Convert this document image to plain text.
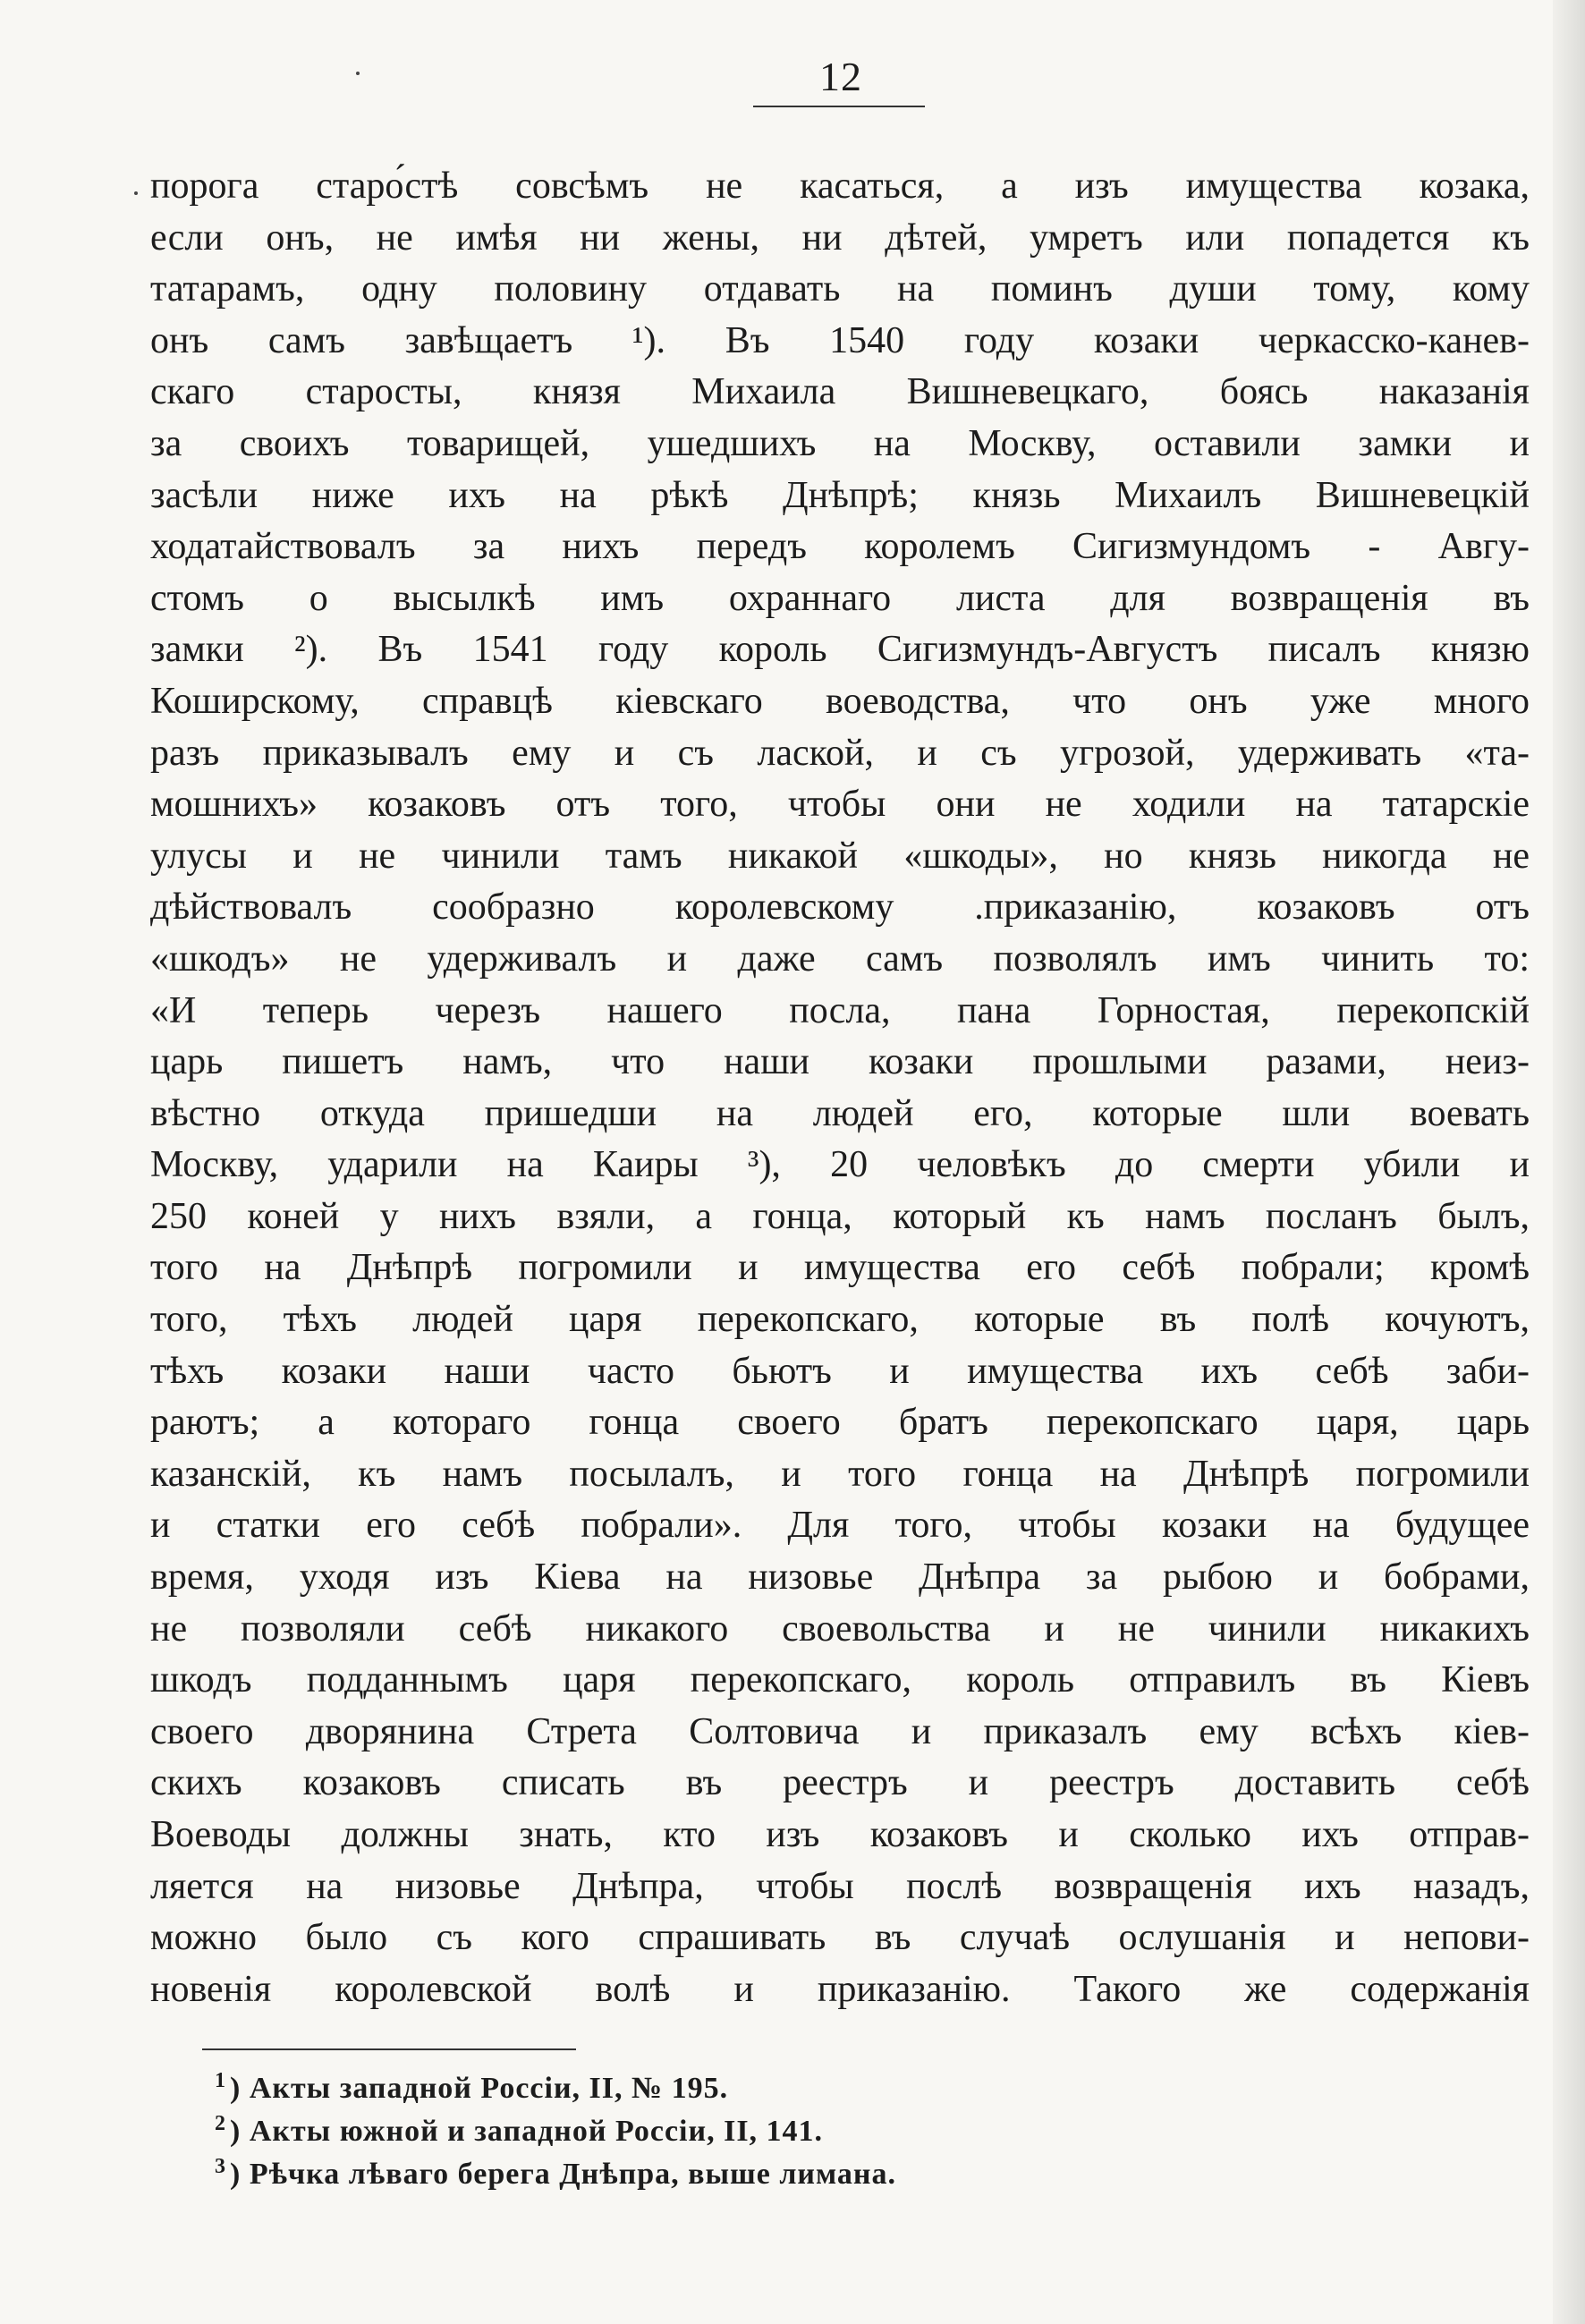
12
порога старо́стѣ совсѣмъ не касаться, а изъ имущества козака,
если онъ, не имѣя ни жены, ни дѣтей, умретъ или попадется къ
татарамъ, одну половину отдавать на поминъ души тому, кому
онъ самъ завѣщаетъ ¹). Въ 1540 году козаки черкасско-канев-
скаго старосты, князя Михаила Вишневецкаго, боясь наказанія
за своихъ товарищей, ушедшихъ на Москву, оставили замки и
засѣли ниже ихъ на рѣкѣ Днѣпрѣ; князь Михаилъ Вишневецкій
ходатайствовалъ за нихъ передъ королемъ Сигизмундомъ - Авгу-
стомъ о высылкѣ имъ охраннаго листа для возвращенія въ
замки ²). Въ 1541 году король Сигизмундъ-Августъ писалъ князю
Коширскому, справцѣ кіевскаго воеводства, что онъ уже много
разъ приказывалъ ему и съ лаской, и съ угрозой, удерживать «та-
мошнихъ» козаковъ отъ того, чтобы они не ходили на татарскіе
улусы и не чинили тамъ никакой «шкоды», но князь никогда не
дѣйствовалъ сообразно королевскому .приказанію, козаковъ отъ
«шкодъ» не удерживалъ и даже самъ позволялъ имъ чинить то:
«И теперь черезъ нашего посла, пана Горностая, перекопскій
царь пишетъ намъ, что наши козаки прошлыми разами, неиз-
вѣстно откуда пришедши на людей его, которые шли воевать
Москву, ударили на Каиры ³), 20 человѣкъ до смерти убили и
250 коней у нихъ взяли, а гонца, который къ намъ посланъ былъ,
того на Днѣпрѣ погромили и имущества его себѣ побрали; кромѣ
того, тѣхъ людей царя перекопскаго, которые въ полѣ кочуютъ,
тѣхъ козаки наши часто бьютъ и имущества ихъ себѣ заби-
раютъ; а котораго гонца своего братъ перекопскаго царя, царь
казанскій, къ намъ посылалъ, и того гонца на Днѣпрѣ погромили
и статки его себѣ побрали». Для того, чтобы козаки на будущее
время, уходя изъ Кіева на низовье Днѣпра за рыбою и бобрами,
не позволяли себѣ никакого своевольства и не чинили никакихъ
шкодъ подданнымъ царя перекопскаго, король отправилъ въ Кіевъ
своего дворянина Стрета Солтовича и приказалъ ему всѣхъ кіев-
скихъ козаковъ списать въ реестръ и реестръ доставить себѣ
Воеводы должны знать, кто изъ козаковъ и сколько ихъ отправ-
ляется на низовье Днѣпра, чтобы послѣ возвращенія ихъ назадъ,
можно было съ кого спрашивать въ случаѣ ослушанія и непови-
новенія королевской волѣ и приказанію. Такого же содержанія
$^1$ ) Акты западной Россіи, II, № 195.
$^2$ ) Акты южной и западной Россіи, II, 141.
$^3$ ) Рѣчка лѣваго берега Днѣпра, выше лимана.
